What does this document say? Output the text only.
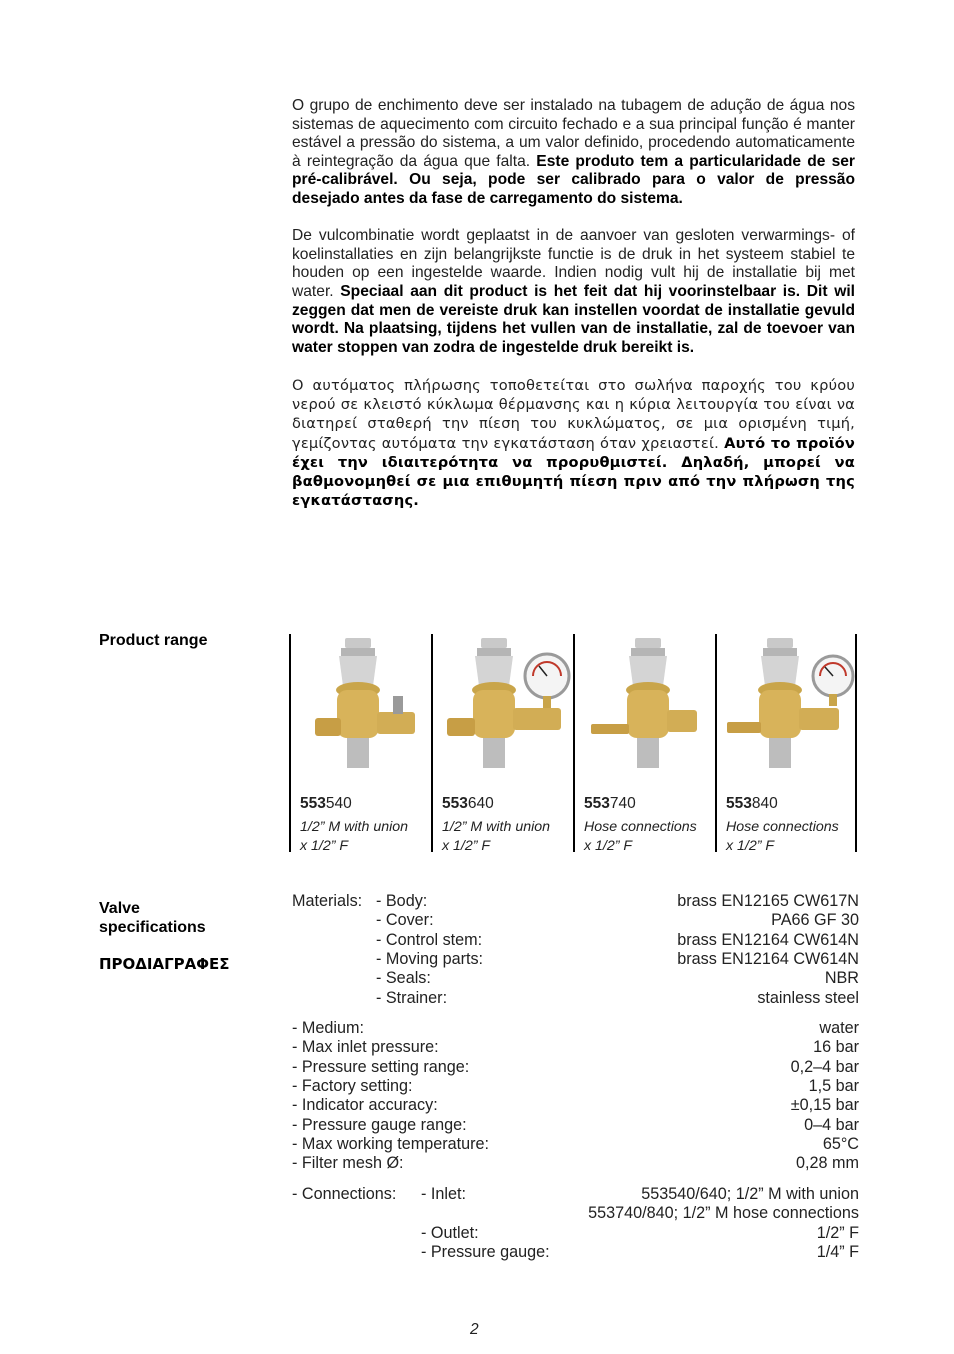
O grupo de enchimento deve ser instalado na tubagem de adução de água nos sistemas de aquecimento com circuito fechado e a sua principal função é manter estável a pressão do sistema, a um valor definido, procedendo automaticamente à reintegração da água que falta. Este produto tem a particularidade de ser pré-calibrável. Ou seja, pode ser calibrado para o valor de pressão desejado antes da fase de carregamento do sistema.

De vulcombinatie wordt geplaatst in de aanvoer van gesloten verwarmings- of koelinstallaties en zijn belangrijkste functie is de druk in het systeem stabiel te houden op een ingestelde waarde. Indien nodig vult hij de installatie bij met water. Speciaal aan dit product is het feit dat hij voorinstelbaar is. Dit wil zeggen dat men de vereiste druk kan instellen voordat de installatie gevuld wordt. Na plaatsing, tijdens het vullen van de installatie, zal de toevoer van water stoppen van zodra de ingestelde druk bereikt is.

Ο αυτόματος πλήρωσης τοποθετείται στο σωλήνα παροχής του κρύου νερού σε κλειστό κύκλωμα θέρμανσης και η κύρια λειτουργία του είναι να διατηρεί σταθερή την πίεση του κυκλώματος, σε μια ορισμένη τιμή, γεμίζοντας αυτόματα την εγκατάσταση όταν χρειαστεί. Αυτό το προϊόν έχει την ιδιαιτερότητα να προρυθμιστεί. Δηλαδή, μπορεί να βαθμονομηθεί σε μια επιθυμητή πίεση πριν από την πλήρωση της εγκατάστασης.

Product range
553540
1/2” M with union
x 1/2” F
553640
1/2” M with union
x 1/2” F
553740
Hose connections
x 1/2” F
553840
Hose connections
x 1/2” F
Valve
specifications
ΠΡΟΔΙΑΓΡΑΦΕΣ
Materials: - Body:	brass EN12165 CW617N
- Cover:	PA66 GF 30
- Control stem:	brass EN12164 CW614N
- Moving parts:	brass EN12164 CW614N
- Seals:	NBR
- Strainer:	stainless steel
- Medium:	water
- Max inlet pressure:	16 bar
- Pressure setting range:	0,2–4 bar
- Factory setting:	1,5 bar
- Indicator accuracy:	±0,15 bar
- Pressure gauge range:	0–4 bar
- Max working temperature:	65°C
- Filter mesh Ø:	0,28 mm
- Connections: - Inlet:	553540/640; 1/2” M with union
553740/840; 1/2” M hose connections
- Outlet:	1/2” F
- Pressure gauge:	1/4” F
2
